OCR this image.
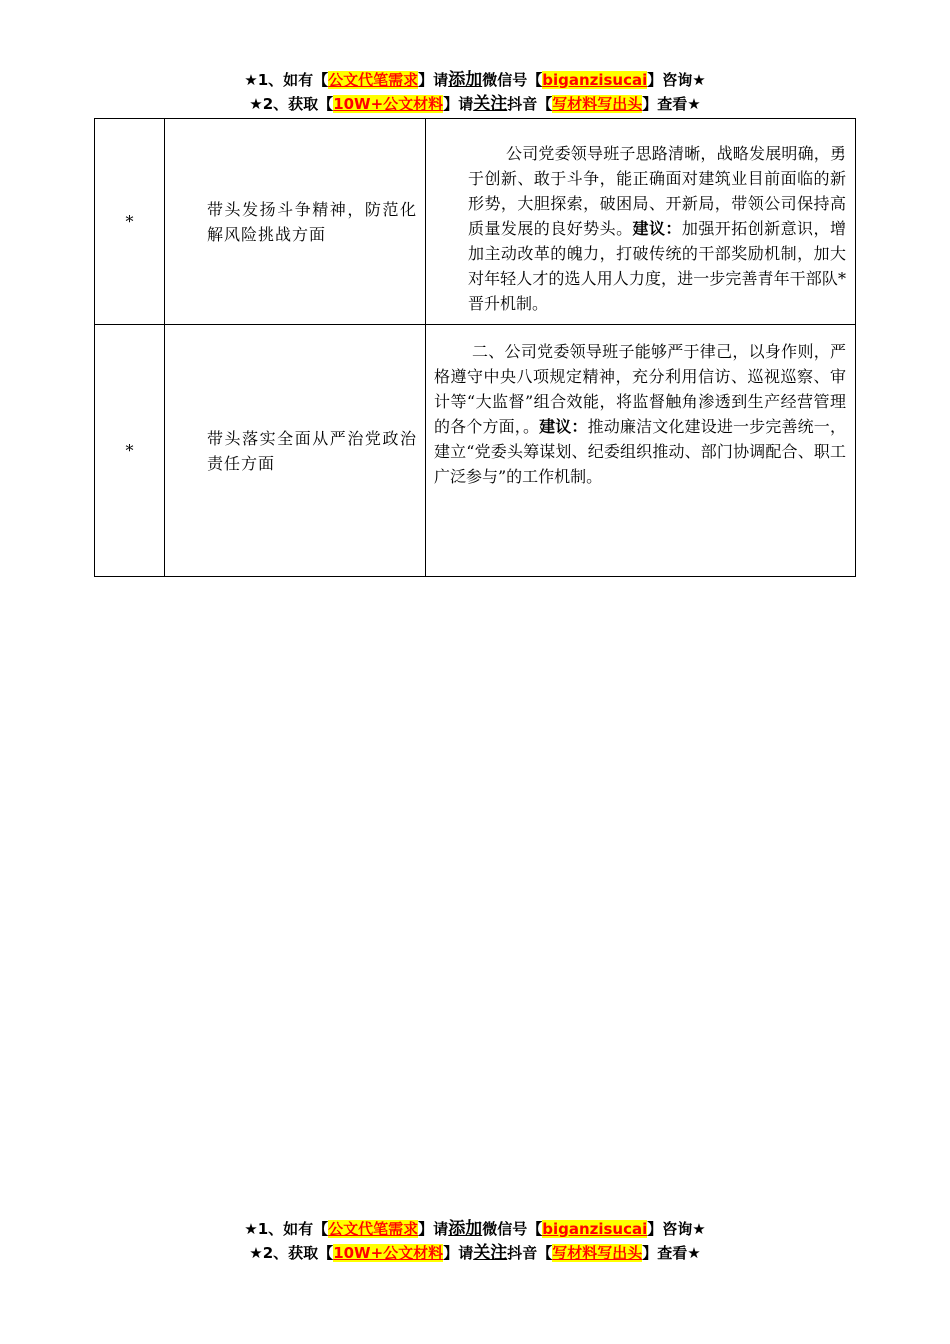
★1、如有【公文代笔需求】请添加微信号【biganzisucai】咨询★
★2、获取【10W+公文材料】请关注抖音【写材料写出头】查看★
*	带头发扬斗争精神，防范化解风险挑战方面	公司党委领导班子思路清晰，战略发展明确，勇于创新、敢于斗争，能正确面对建筑业目前面临的新形势，大胆探索，破困局、开新局，带领公司保持高质量发展的良好势头。建议：加强开拓创新意识，增加主动改革的魄力，打破传统的干部奖励机制，加大对年轻人才的选人用人力度，进一步完善青年干部队*晋升机制。

*	带头落实全面从严治党政治责任方面	二、公司党委领导班子能够严于律己，以身作则，严格遵守中央八项规定精神，充分利用信访、巡视巡察、审计等“大监督”组合效能，将监督触角渗透到生产经营管理的各个方面，。建议：推动廉洁文化建设进一步完善统一，建立“党委头筹谋划、纪委组织推动、部门协调配合、职工广泛参与”的工作机制。
★1、如有【公文代笔需求】请添加微信号【biganzisucai】咨询★
★2、获取【10W+公文材料】请关注抖音【写材料写出头】查看★
